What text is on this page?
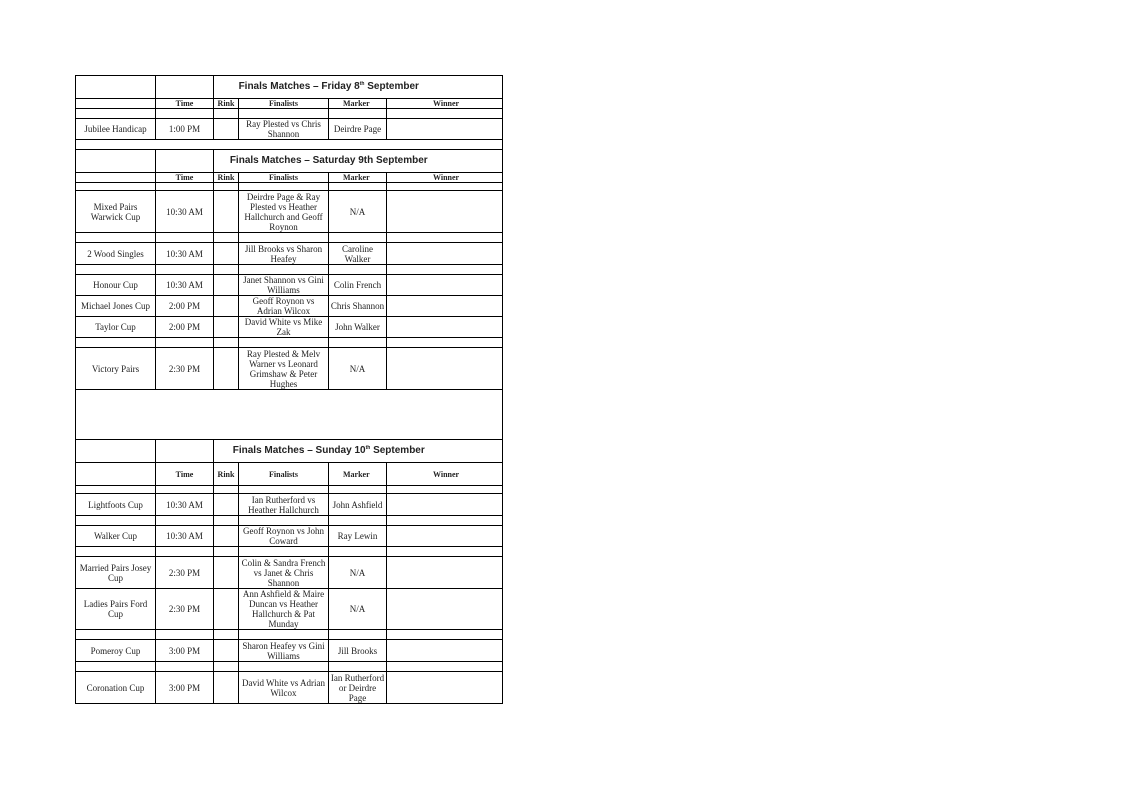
		Finals Matches – Friday 8th September				
	Time	Rink	Finalists	Marker	Winner	

Jubilee Handicap	1:00 PM		Ray Plested vs Chris Shannon	Deirdre Page		

		Finals Matches – Saturday 9th September				
	Time	Rink	Finalists	Marker	Winner	

Mixed Pairs Warwick Cup	10:30 AM		Deirdre Page & Ray Plested vs Heather Hallchurch and Geoff Roynon	N/A		

2 Wood Singles	10:30 AM		Jill Brooks vs Sharon Heafey	Caroline Walker		

Honour Cup	10:30 AM		Janet Shannon vs Gini Williams	Colin French		
Michael Jones Cup	2:00 PM		Geoff Roynon vs Adrian Wilcox	Chris Shannon		
Taylor Cup	2:00 PM		David White vs Mike Zak	John Walker		

Victory Pairs	2:30 PM		Ray Plested & Melv Warner vs Leonard Grimshaw & Peter Hughes	N/A		

		Finals Matches – Sunday 10th September				
	Time	Rink	Finalists	Marker	Winner	

Lightfoots Cup	10:30 AM		Ian Rutherford vs Heather Hallchurch	John Ashfield		

Walker Cup	10:30 AM		Geoff Roynon vs John Coward	Ray Lewin		

Married Pairs Josey Cup	2:30 PM		Colin & Sandra French vs Janet & Chris Shannon	N/A		
Ladies Pairs Ford Cup	2:30 PM		Ann Ashfield & Maire Duncan vs Heather Hallchurch & Pat Munday	N/A		

Pomeroy Cup	3:00 PM		Sharon Heafey vs Gini Williams	Jill Brooks		

Coronation Cup	3:00 PM		David White vs Adrian Wilcox	Ian Rutherford or Deirdre Page		
